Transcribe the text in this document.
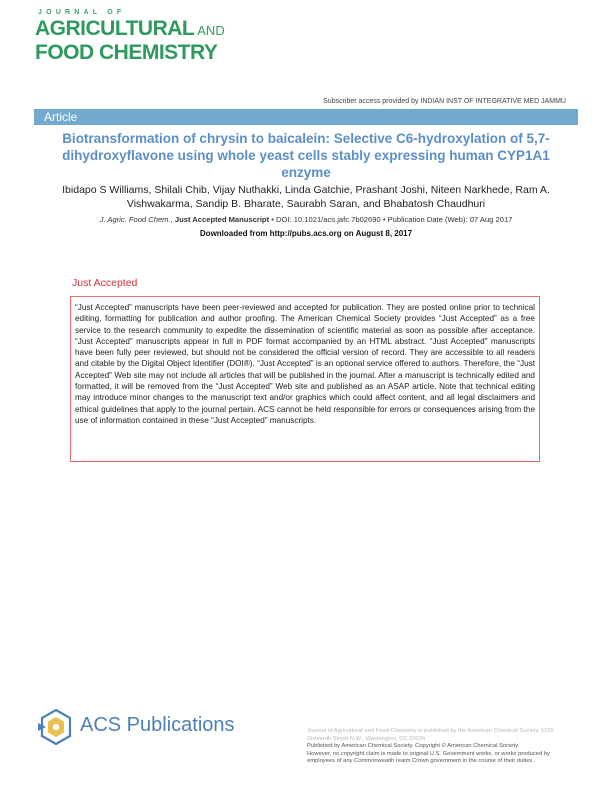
JOURNAL OF
AGRICULTURAL AND
FOOD CHEMISTRY
Subscriber access provided by INDIAN INST OF INTEGRATIVE MED JAMMU
Article
Biotransformation of chrysin to baicalein: Selective C6-hydroxylation of 5,7-dihydroxyflavone using whole yeast cells stably expressing human CYP1A1 enzyme
Ibidapo S Williams, Shilali Chib, Vijay Nuthakki, Linda Gatchie, Prashant Joshi, Niteen Narkhede, Ram A. Vishwakarma, Sandip B. Bharate, Saurabh Saran, and Bhabatosh Chaudhuri
J. Agric. Food Chem., Just Accepted Manuscript • DOI: 10.1021/acs.jafc.7b02690 • Publication Date (Web): 07 Aug 2017
Downloaded from http://pubs.acs.org on August 8, 2017
Just Accepted

“Just Accepted” manuscripts have been peer-reviewed and accepted for publication. They are posted online prior to technical editing, formatting for publication and author proofing. The American Chemical Society provides “Just Accepted” as a free service to the research community to expedite the dissemination of scientific material as soon as possible after acceptance. “Just Accepted” manuscripts appear in full in PDF format accompanied by an HTML abstract. “Just Accepted” manuscripts have been fully peer reviewed, but should not be considered the official version of record. They are accessible to all readers and citable by the Digital Object Identifier (DOI®). “Just Accepted” is an optional service offered to authors. Therefore, the “Just Accepted” Web site may not include all articles that will be published in the journal. After a manuscript is technically edited and formatted, it will be removed from the “Just Accepted” Web site and published as an ASAP article. Note that technical editing may introduce minor changes to the manuscript text and/or graphics which could affect content, and all legal disclaimers and ethical guidelines that apply to the journal pertain. ACS cannot be held responsible for errors or consequences arising from the use of information contained in these “Just Accepted” manuscripts.

ACS Publications	Journal of Agricultural and Food Chemistry is published by the American Chemical Society. 1155 Sixteenth Street N.W., Washington, DC 20036
Published by American Chemical Society. Copyright © American Chemical Society.
However, no copyright claim is made to original U.S. Government works, or works produced by employees of any Commonwealth realm Crown government in the course of their duties.
